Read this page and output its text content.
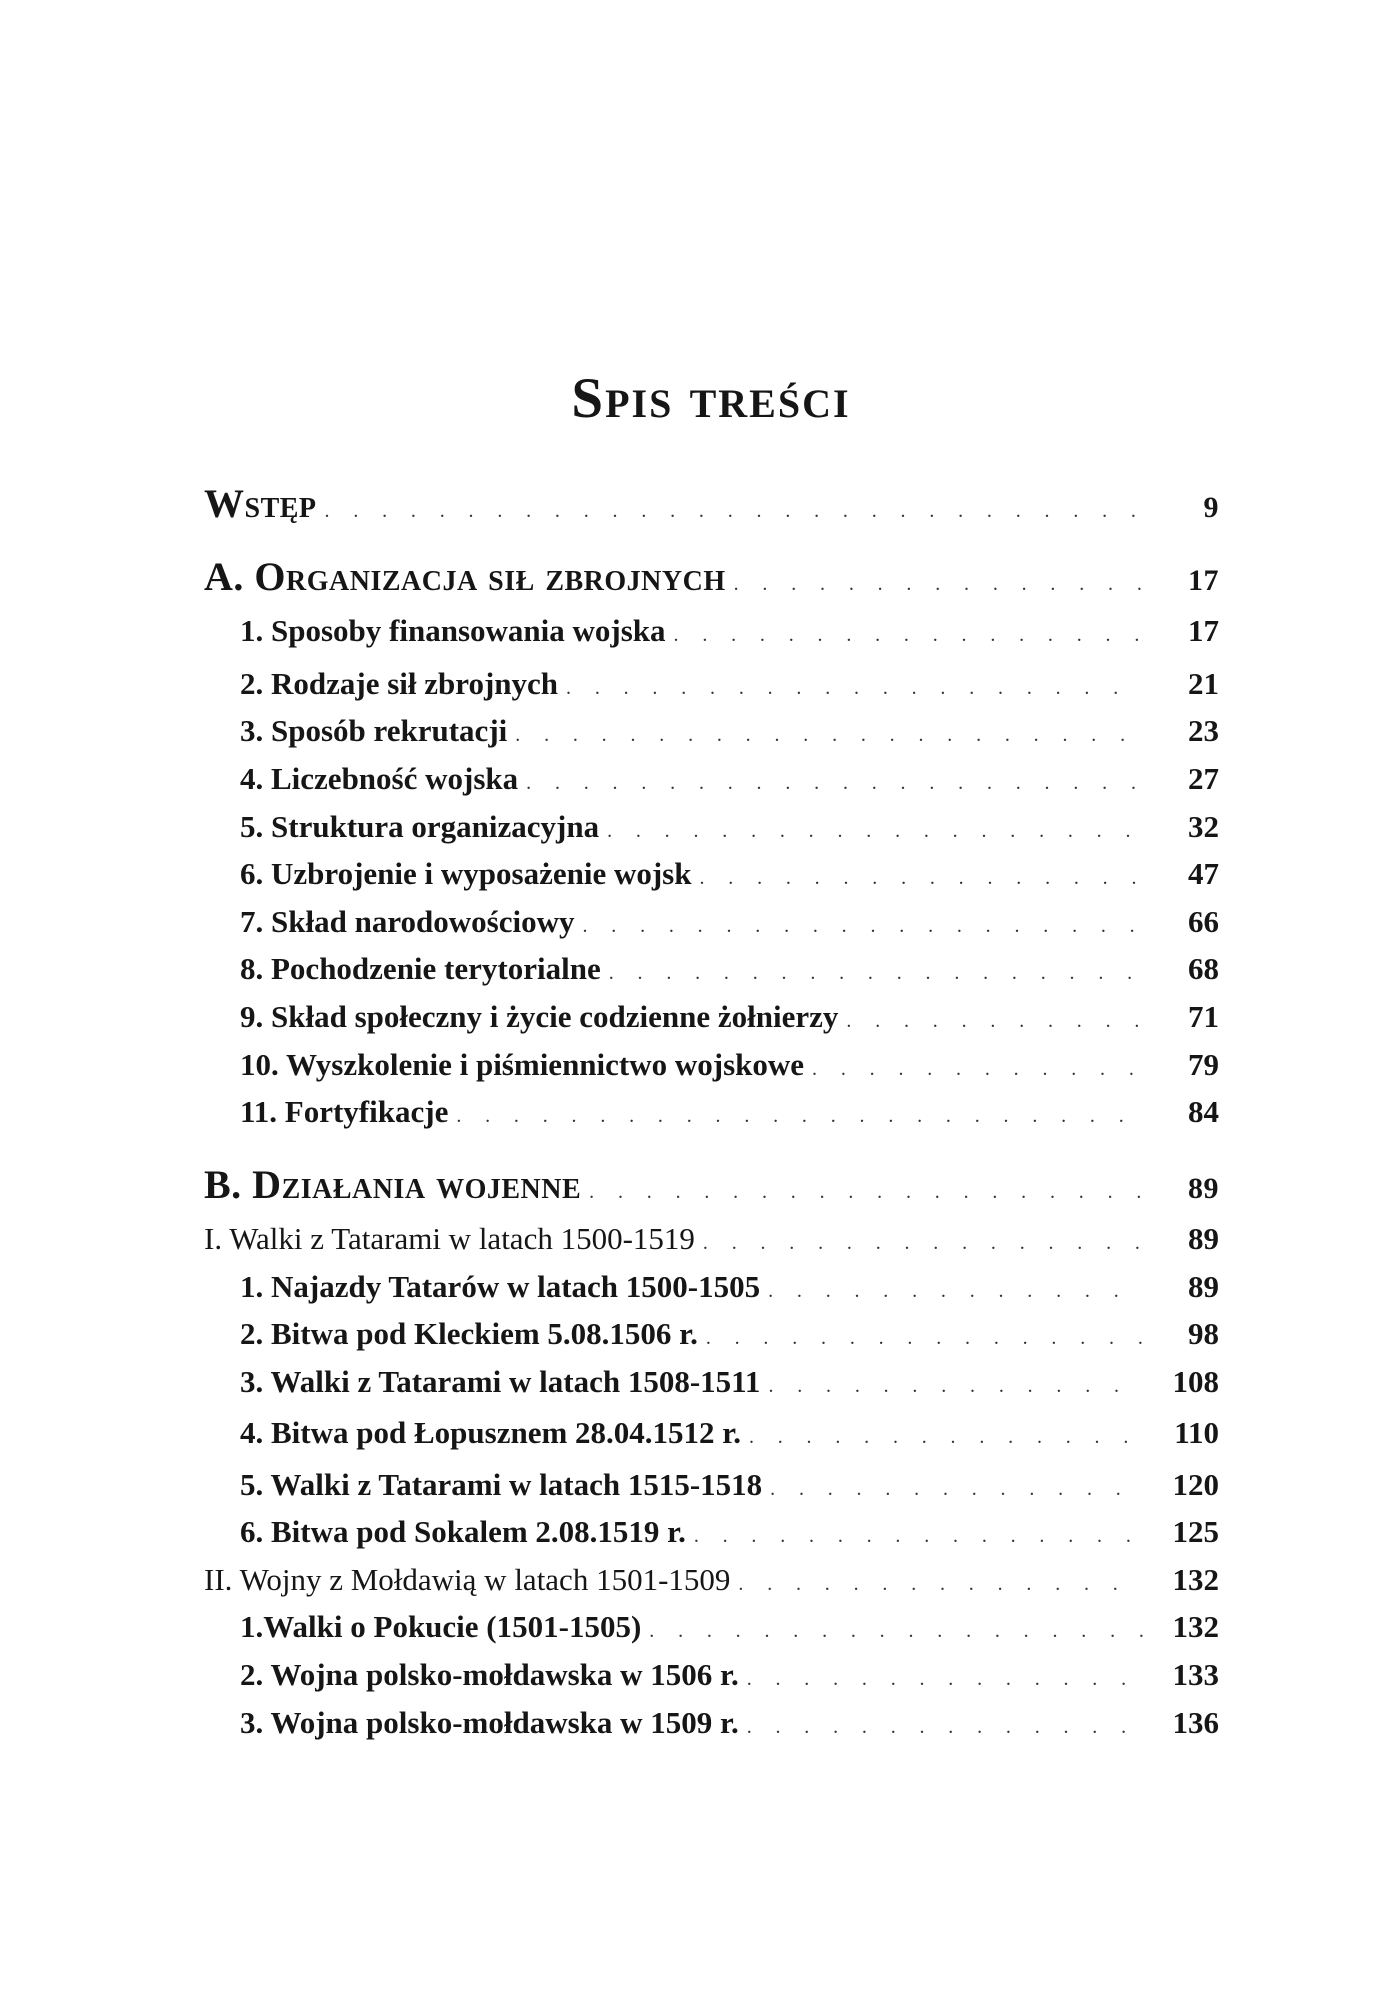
Spis treści
Wstęp . . .	9
A. Organizacja sił zbrojnych . . .	17
1. Sposoby finansowania wojska . . .	17
2. Rodzaje sił zbrojnych . . .	21
3. Sposób rekrutacji . . .	23
4. Liczebność wojska . . .	27
5. Struktura organizacyjna . . .	32
6. Uzbrojenie i wyposażenie wojsk . . .	47
7. Skład narodowościowy . . .	66
8. Pochodzenie terytorialne . . .	68
9. Skład społeczny i życie codzienne żołnierzy . . .	71
10. Wyszkolenie i piśmiennictwo wojskowe . . .	79
11. Fortyfikacje . . .	84
B. Działania wojenne . . .	89
I. Walki z Tatarami w latach 1500-1519 . . .	89
1. Najazdy Tatarów w latach 1500-1505 . . .	89
2. Bitwa pod Kleckiem 5.08.1506 r. . . .	98
3. Walki z Tatarami w latach 1508-1511 . . .	108
4. Bitwa pod Łopusznem 28.04.1512 r. . . .	110
5. Walki z Tatarami w latach 1515-1518 . . .	120
6. Bitwa pod Sokalem 2.08.1519 r. . . .	125
II. Wojny z Mołdawią w latach 1501-1509 . . .	132
1.Walki o Pokucie (1501-1505) . . .	132
2. Wojna polsko-mołdawska w 1506 r. . . .	133
3. Wojna polsko-mołdawska w 1509 r. . . .	136
